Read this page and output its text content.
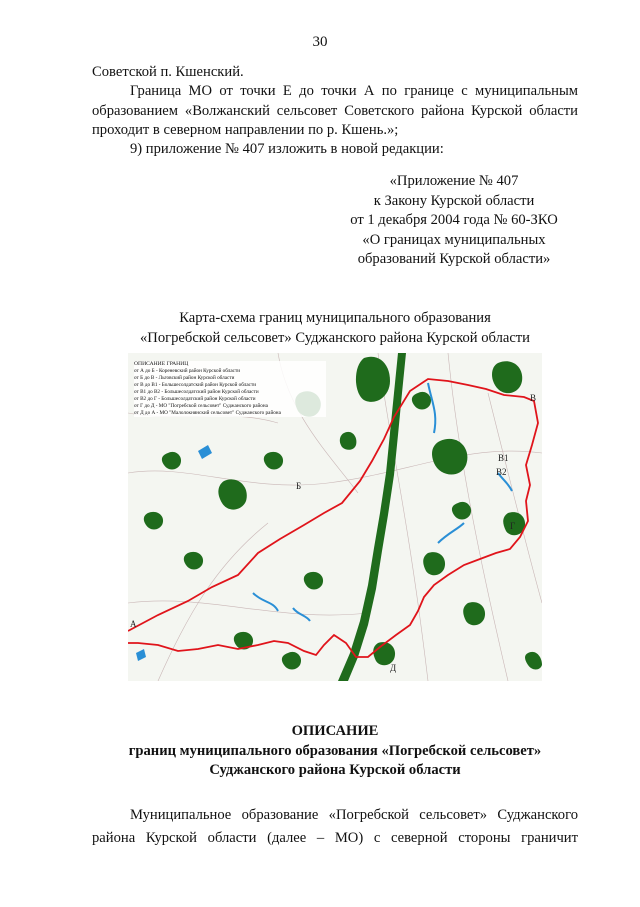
30
Советской п. Кшенский.
Граница МО от точки Е до точки А по границе с муниципальным образованием «Волжанский сельсовет Советского района Курской области проходит в северном направлении по р. Кшень.»;
9) приложение № 407 изложить в новой редакции:
«Приложение № 407
к Закону Курской области
от 1 декабря 2004 года № 60-ЗКО
«О границах муниципальных
образований Курской области»
Карта-схема границ муниципального образования
«Погребской сельсовет» Суджанского района Курской области
ОПИСАНИЕ ГРАНИЦ
от А до Б - Кореневский район Курской области
от Б до В - Льговский район Курской области
от В до В1 - Большесолдатский район Курской области
от В1 до В2 - Большесолдатский район Курской области
от В2 до Г - Большесолдатский район Курской области
от Г до Д - МО "Погребской сельсовет" Суджанского района
от Д до А - МО "Малолокнянский сельсовет" Суджанского района
А
Б
В
В1
В2
Г
Д
ОПИСАНИЕ
границ муниципального образования «Погребской сельсовет»
Суджанского района Курской области
Муниципальное образование «Погребской сельсовет» Суджанского
района Курской области (далее – МО) с северной стороны граничит
